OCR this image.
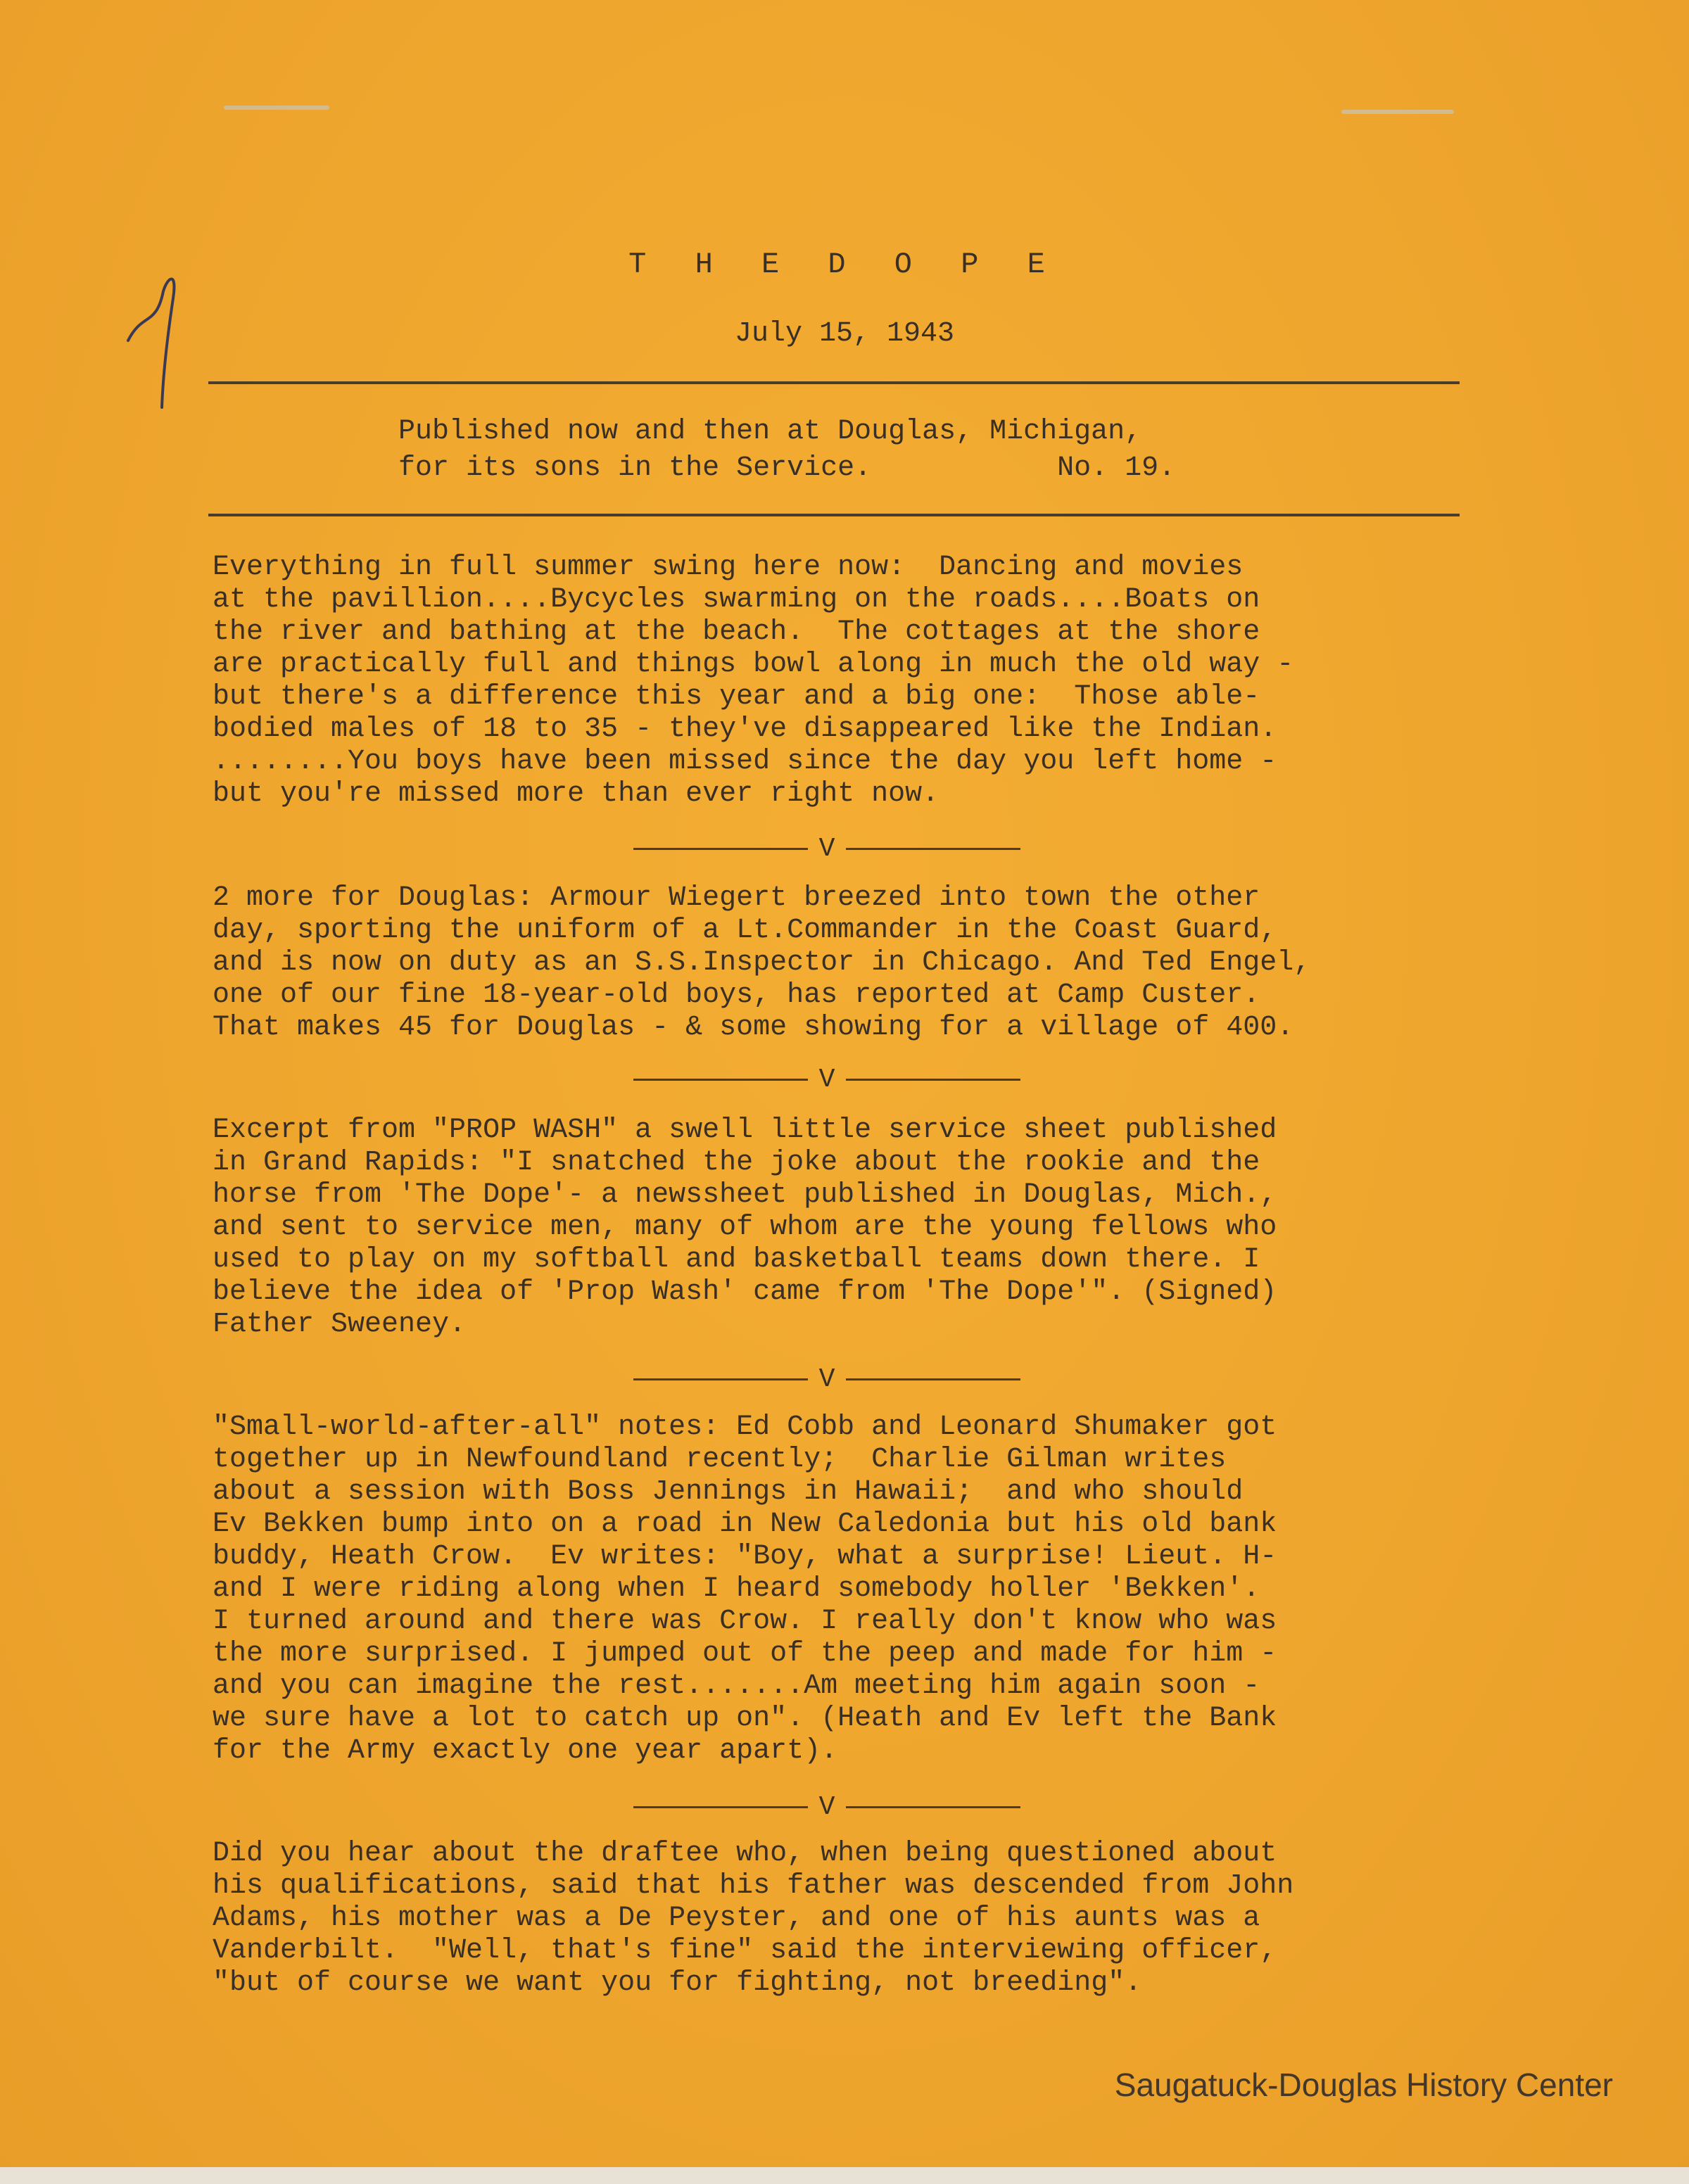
T H E D O P E
July 15, 1943
Published now and then at Douglas, Michigan,
for its sons in the Service.           No. 19.
Everything in full summer swing here now:  Dancing and movies
at the pavillion....Bycycles swarming on the roads....Boats on
the river and bathing at the beach.  The cottages at the shore
are practically full and things bowl along in much the old way -
but there's a difference this year and a big one:  Those able-
bodied males of 18 to 35 - they've disappeared like the Indian.
........You boys have been missed since the day you left home -
but you're missed more than ever right now.
V
2 more for Douglas: Armour Wiegert breezed into town the other
day, sporting the uniform of a Lt.Commander in the Coast Guard,
and is now on duty as an S.S.Inspector in Chicago. And Ted Engel,
one of our fine 18-year-old boys, has reported at Camp Custer.
That makes 45 for Douglas - & some showing for a village of 400.
V
Excerpt from "PROP WASH" a swell little service sheet published
in Grand Rapids: "I snatched the joke about the rookie and the
horse from 'The Dope'- a newssheet published in Douglas, Mich.,
and sent to service men, many of whom are the young fellows who
used to play on my softball and basketball teams down there. I
believe the idea of 'Prop Wash' came from 'The Dope'". (Signed)
Father Sweeney.
V
"Small-world-after-all" notes: Ed Cobb and Leonard Shumaker got
together up in Newfoundland recently;  Charlie Gilman writes
about a session with Boss Jennings in Hawaii;  and who should
Ev Bekken bump into on a road in New Caledonia but his old bank
buddy, Heath Crow.  Ev writes: "Boy, what a surprise! Lieut. H-
and I were riding along when I heard somebody holler 'Bekken'.
I turned around and there was Crow. I really don't know who was
the more surprised. I jumped out of the peep and made for him -
and you can imagine the rest.......Am meeting him again soon -
we sure have a lot to catch up on". (Heath and Ev left the Bank
for the Army exactly one year apart).
V
Did you hear about the draftee who, when being questioned about
his qualifications, said that his father was descended from John
Adams, his mother was a De Peyster, and one of his aunts was a
Vanderbilt.  "Well, that's fine" said the interviewing officer,
"but of course we want you for fighting, not breeding".
Saugatuck-Douglas History Center
